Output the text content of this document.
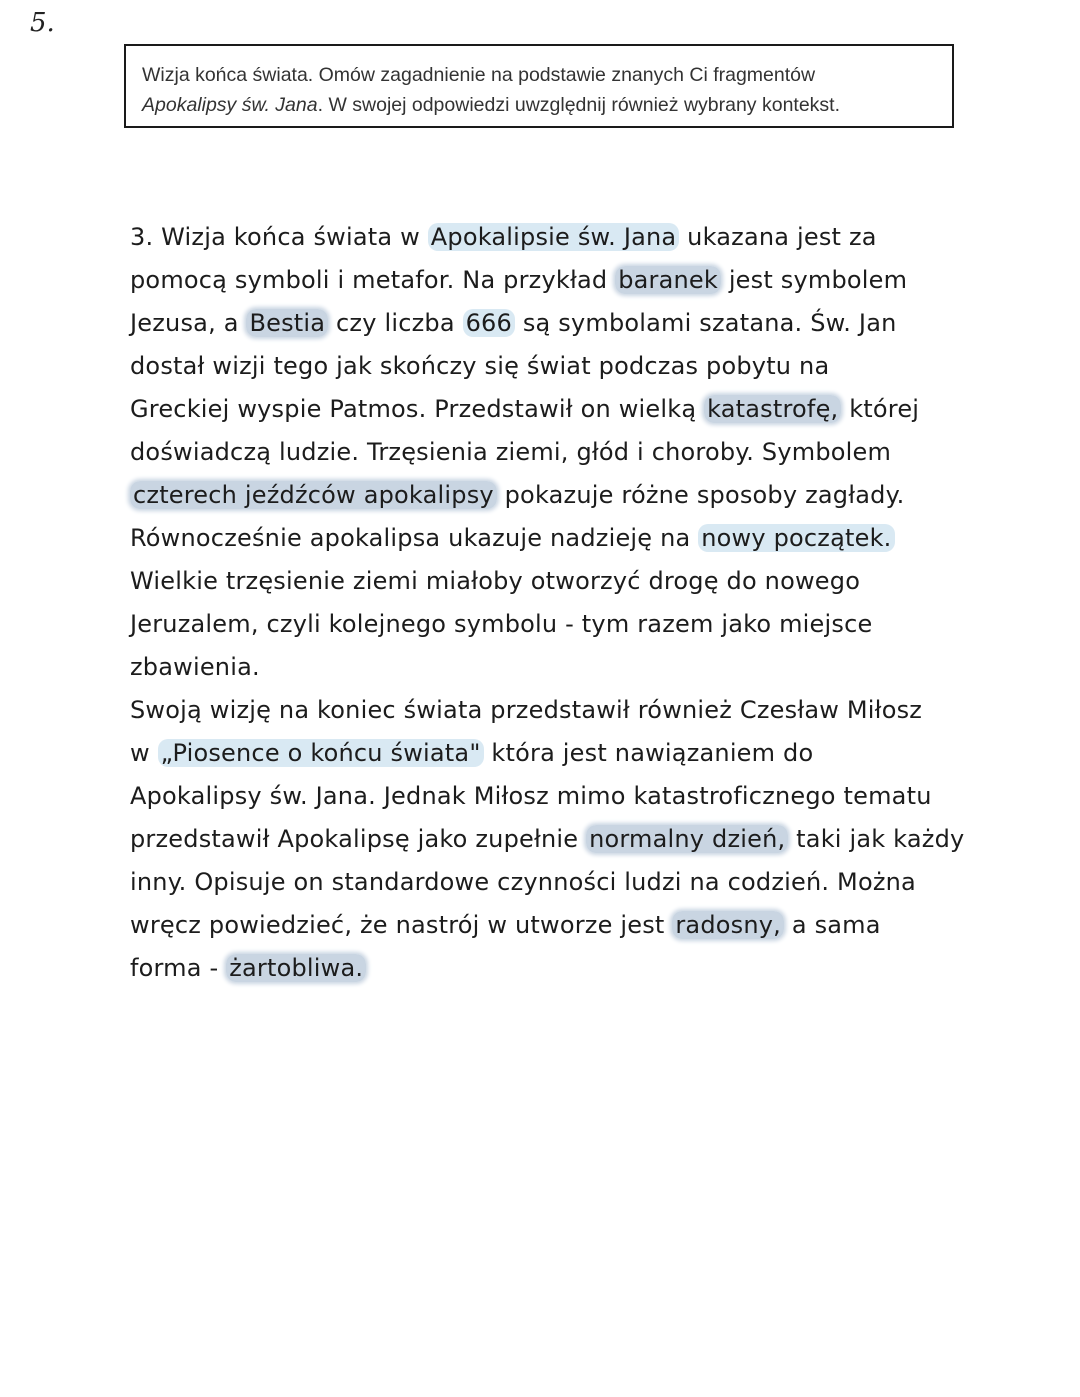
5.
Wizja końca świata. Omów zagadnienie na podstawie znanych Ci fragmentów
Apokalipsy św. Jana. W swojej odpowiedzi uwzględnij również wybrany kontekst.
3. Wizja końca świata w Apokalipsie św. Jana ukazana jest za
pomocą symboli i metafor. Na przykład baranek jest symbolem
Jezusa, a Bestia czy liczba 666 są symbolami szatana. Św. Jan
dostał wizji tego jak skończy się świat podczas pobytu na
Greckiej wyspie Patmos. Przedstawił on wielką katastrofę, której
doświadczą ludzie. Trzęsienia ziemi, głód i choroby. Symbolem
czterech jeźdźców apokalipsy pokazuje różne sposoby zagłady.
Równocześnie apokalipsa ukazuje nadzieję na nowy początek.
Wielkie trzęsienie ziemi miałoby otworzyć drogę do nowego
Jeruzalem, czyli kolejnego symbolu - tym razem jako miejsce
zbawienia.
Swoją wizję na koniec świata przedstawił również Czesław Miłosz
w „Piosence o końcu świata" która jest nawiązaniem do
Apokalipsy św. Jana. Jednak Miłosz mimo katastroficznego tematu
przedstawił Apokalipsę jako zupełnie normalny dzień, taki jak każdy
inny. Opisuje on standardowe czynności ludzi na codzień. Można
wręcz powiedzieć, że nastrój w utworze jest radosny, a sama
forma - żartobliwa.
